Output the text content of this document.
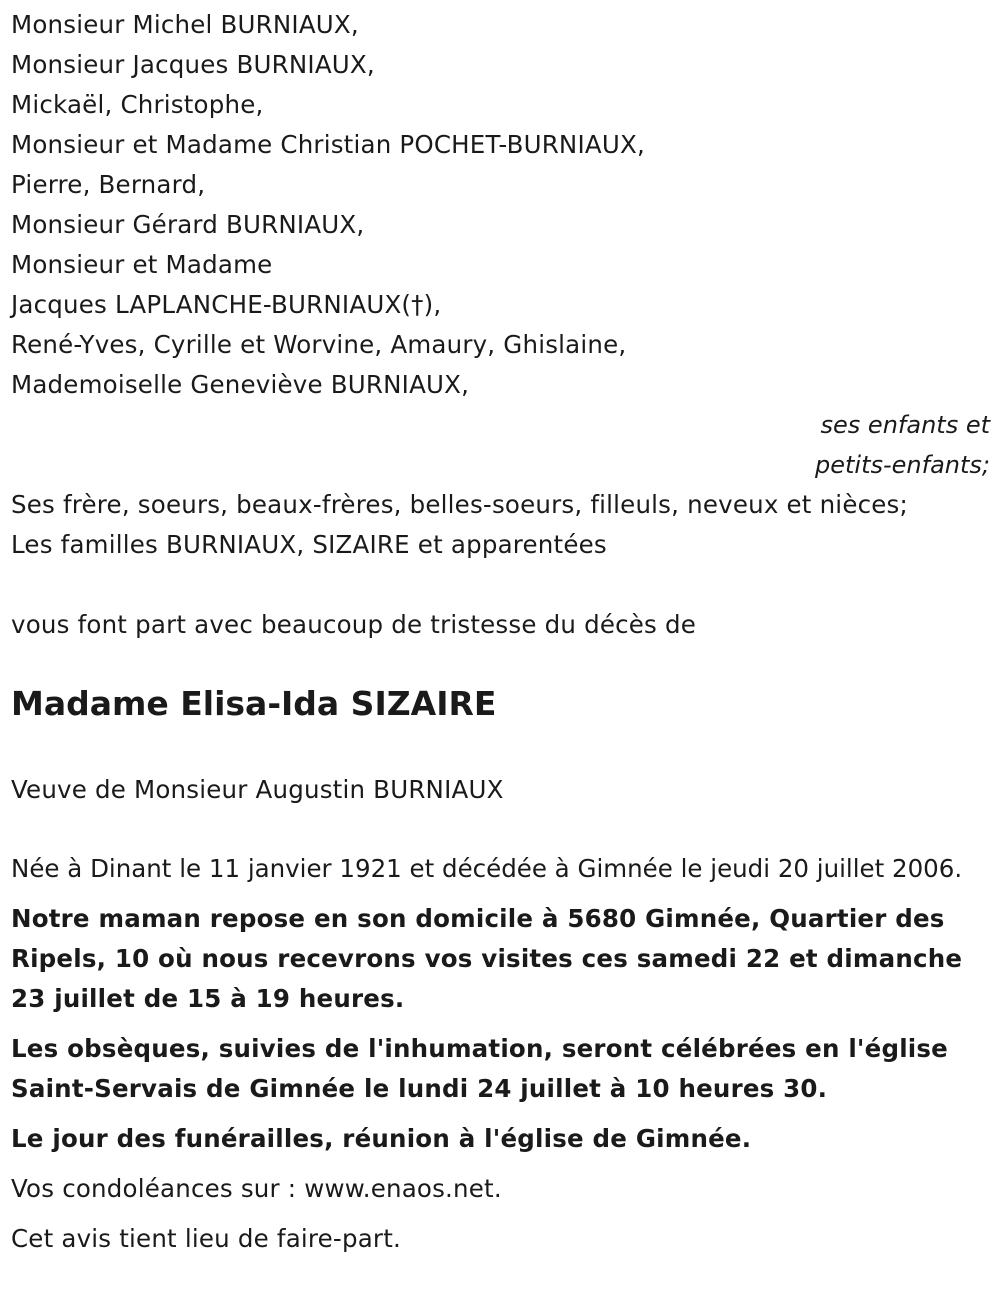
Monsieur Michel BURNIAUX,
Monsieur Jacques BURNIAUX,
Mickaël, Christophe,
Monsieur et Madame Christian POCHET-BURNIAUX,
Pierre, Bernard,
Monsieur Gérard BURNIAUX,
Monsieur et Madame
Jacques LAPLANCHE-BURNIAUX(†),
René-Yves, Cyrille et Worvine, Amaury, Ghislaine,
Mademoiselle Geneviève BURNIAUX,
ses enfants et
petits-enfants;
Ses frère, soeurs, beaux-frères, belles-soeurs, filleuls, neveux et nièces;
Les familles BURNIAUX, SIZAIRE et apparentées
vous font part avec beaucoup de tristesse du décès de
Madame Elisa-Ida SIZAIRE
Veuve de Monsieur Augustin BURNIAUX
Née à Dinant le 11 janvier 1921 et décédée à Gimnée le jeudi 20 juillet 2006.
Notre maman repose en son domicile à 5680 Gimnée, Quartier des Ripels, 10 où nous recevrons vos visites ces samedi 22 et dimanche 23 juillet de 15 à 19 heures.
Les obsèques, suivies de l'inhumation, seront célébrées en l'église Saint-Servais de Gimnée le lundi 24 juillet à 10 heures 30.
Le jour des funérailles, réunion à l'église de Gimnée.
Vos condoléances sur : www.enaos.net.
Cet avis tient lieu de faire-part.
